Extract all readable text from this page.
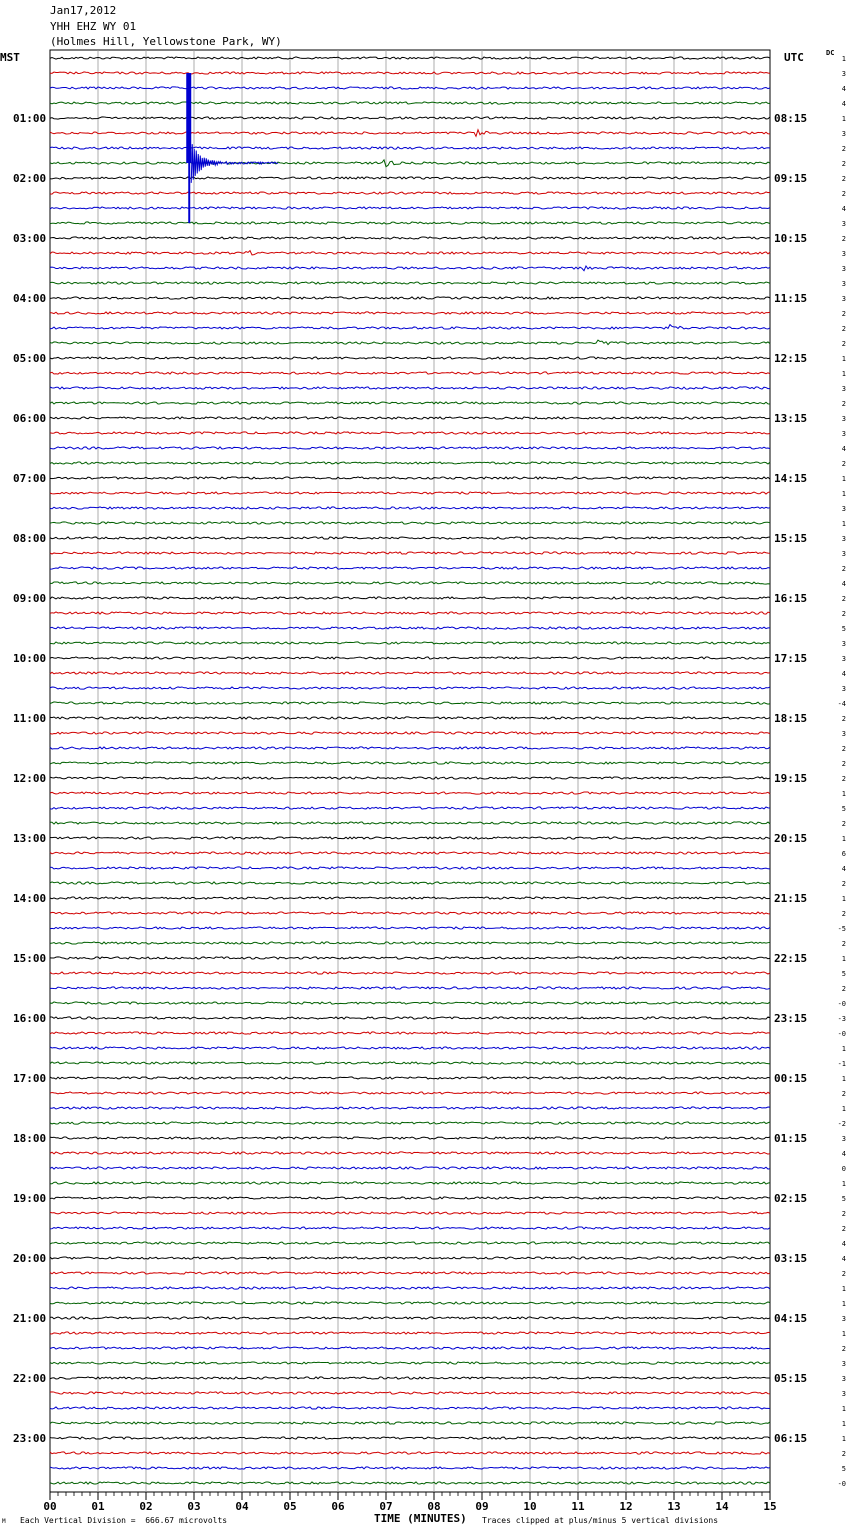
Jan17,2012
YHH EHZ WY 01
(Holmes Hill, Yellowstone Park, WY)
MST	UTC	DC
01:00
02:00
03:00
04:00
05:00
06:00
07:00
08:00
09:00
10:00
11:00
12:00
13:00
14:00
15:00
16:00
17:00
18:00
19:00
20:00
21:00
22:00
23:00
08:15
09:15
10:15
11:15
12:15
13:15
14:15
15:15
16:15
17:15
18:15
19:15
20:15
21:15
22:15
23:15
00:15
01:15
02:15
03:15
04:15
05:15
06:15
1
3
4
4
1
3
2
2
2
2
4
3
2
3
3
3
3
2
2
2
1
1
3
2
3
3
4
2
1
1
3
1
3
3
2
4
2
2
5
3
3
4
3
-4
2
3
2
2
2
1
5
2
1
6
4
2
1
2
-5
2
1
5
2
-0
-3
-0
1
-1
1
2
1
-2
3
4
0
1
5
2
2
4
4
2
1
1
3
1
2
3
3
3
1
1
1
2
5
-0
00	01	02	03	04	05	06	07	08	09	10	11	12	13	14	15
M Each Vertical Division =  666.67 microvolts	TIME (MINUTES) Traces clipped at plus/minus 5 vertical divisions
